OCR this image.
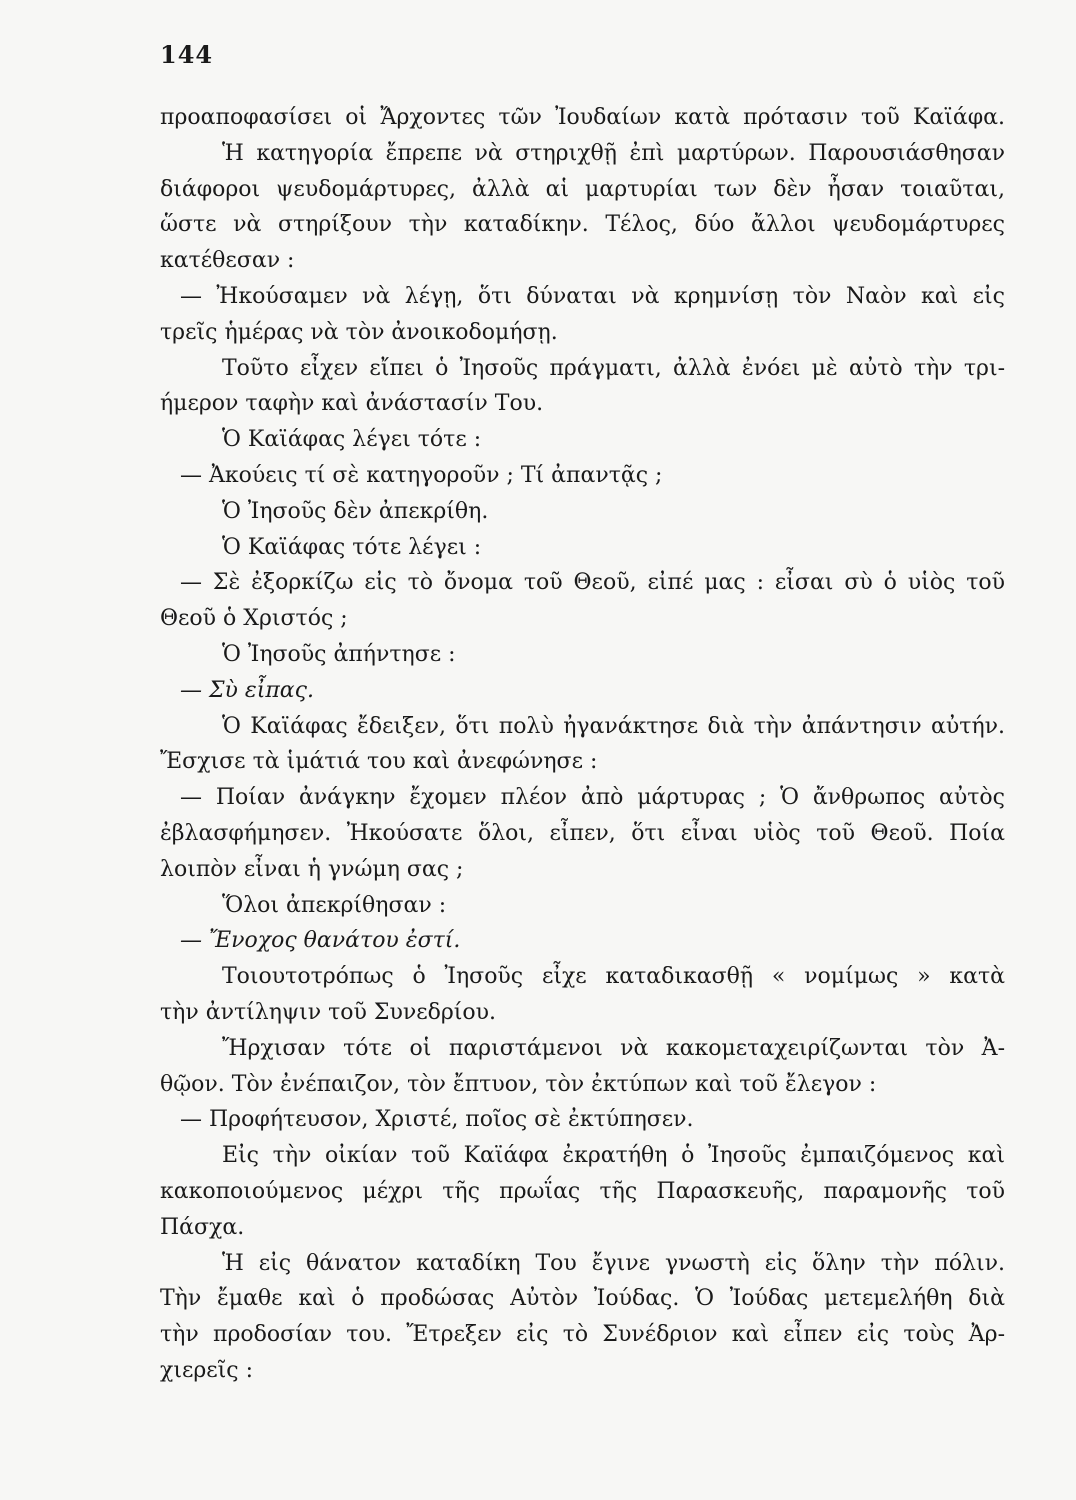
144
προαποφασίσει οἱ Ἄρχοντες τῶν Ἰουδαίων κατὰ πρότασιν τοῦ Καϊάφα.
Ἡ κατηγορία ἔπρεπε νὰ στηριχθῇ ἐπὶ μαρτύρων. Παρουσιάσθησαν
διάφοροι ψευδομάρτυρες, ἀλλὰ αἱ μαρτυρίαι των δὲν ἦσαν τοιαῦται,
ὥστε νὰ στηρίξουν τὴν καταδίκην. Τέλος, δύο ἄλλοι ψευδομάρτυρες
κατέθεσαν :
— Ἠκούσαμεν νὰ λέγῃ, ὅτι δύναται νὰ κρημνίσῃ τὸν Ναὸν καὶ εἰς
τρεῖς ἡμέρας νὰ τὸν ἀνοικοδομήσῃ.
Τοῦτο εἶχεν εἴπει ὁ Ἰησοῦς πράγματι, ἀλλὰ ἐνόει μὲ αὐτὸ τὴν τρι-
ήμερον ταφὴν καὶ ἀνάστασίν Του.
Ὁ Καϊάφας λέγει τότε :
— Ἀκούεις τί σὲ κατηγοροῦν ; Τί ἀπαντᾷς ;
Ὁ Ἰησοῦς δὲν ἀπεκρίθη.
Ὁ Καϊάφας τότε λέγει :
— Σὲ ἐξορκίζω εἰς τὸ ὄνομα τοῦ Θεοῦ, εἰπέ μας : εἶσαι σὺ ὁ υἱὸς τοῦ
Θεοῦ ὁ Χριστός ;
Ὁ Ἰησοῦς ἀπήντησε :
— Σὺ εἶπας.
Ὁ Καϊάφας ἔδειξεν, ὅτι πολὺ ἠγανάκτησε διὰ τὴν ἀπάντησιν αὐτήν.
Ἔσχισε τὰ ἱμάτιά του καὶ ἀνεφώνησε :
— Ποίαν ἀνάγκην ἔχομεν πλέον ἀπὸ μάρτυρας ; Ὁ ἄνθρωπος αὐτὸς
ἐβλασφήμησεν. Ἠκούσατε ὅλοι, εἶπεν, ὅτι εἶναι υἱὸς τοῦ Θεοῦ. Ποία
λοιπὸν εἶναι ἡ γνώμη σας ;
Ὅλοι ἀπεκρίθησαν :
— Ἔνοχος θανάτου ἐστί.
Τοιουτοτρόπως ὁ Ἰησοῦς εἶχε καταδικασθῇ « νομίμως » κατὰ
τὴν ἀντίληψιν τοῦ Συνεδρίου.
Ἤρχισαν τότε οἱ παριστάμενοι νὰ κακομεταχειρίζωνται τὸν Ἀ-
θῷον. Τὸν ἐνέπαιζον, τὸν ἔπτυον, τὸν ἐκτύπων καὶ τοῦ ἔλεγον :
— Προφήτευσον, Χριστέ, ποῖος σὲ ἐκτύπησεν.
Εἰς τὴν οἰκίαν τοῦ Καϊάφα ἐκρατήθη ὁ Ἰησοῦς ἐμπαιζόμενος καὶ
κακοποιούμενος μέχρι τῆς πρωΐας τῆς Παρασκευῆς, παραμονῆς τοῦ
Πάσχα.
Ἡ εἰς θάνατον καταδίκη Του ἔγινε γνωστὴ εἰς ὅλην τὴν πόλιν.
Τὴν ἔμαθε καὶ ὁ προδώσας Αὐτὸν Ἰούδας. Ὁ Ἰούδας μετεμελήθη διὰ
τὴν προδοσίαν του. Ἔτρεξεν εἰς τὸ Συνέδριον καὶ εἶπεν εἰς τοὺς Ἀρ-
χιερεῖς :
